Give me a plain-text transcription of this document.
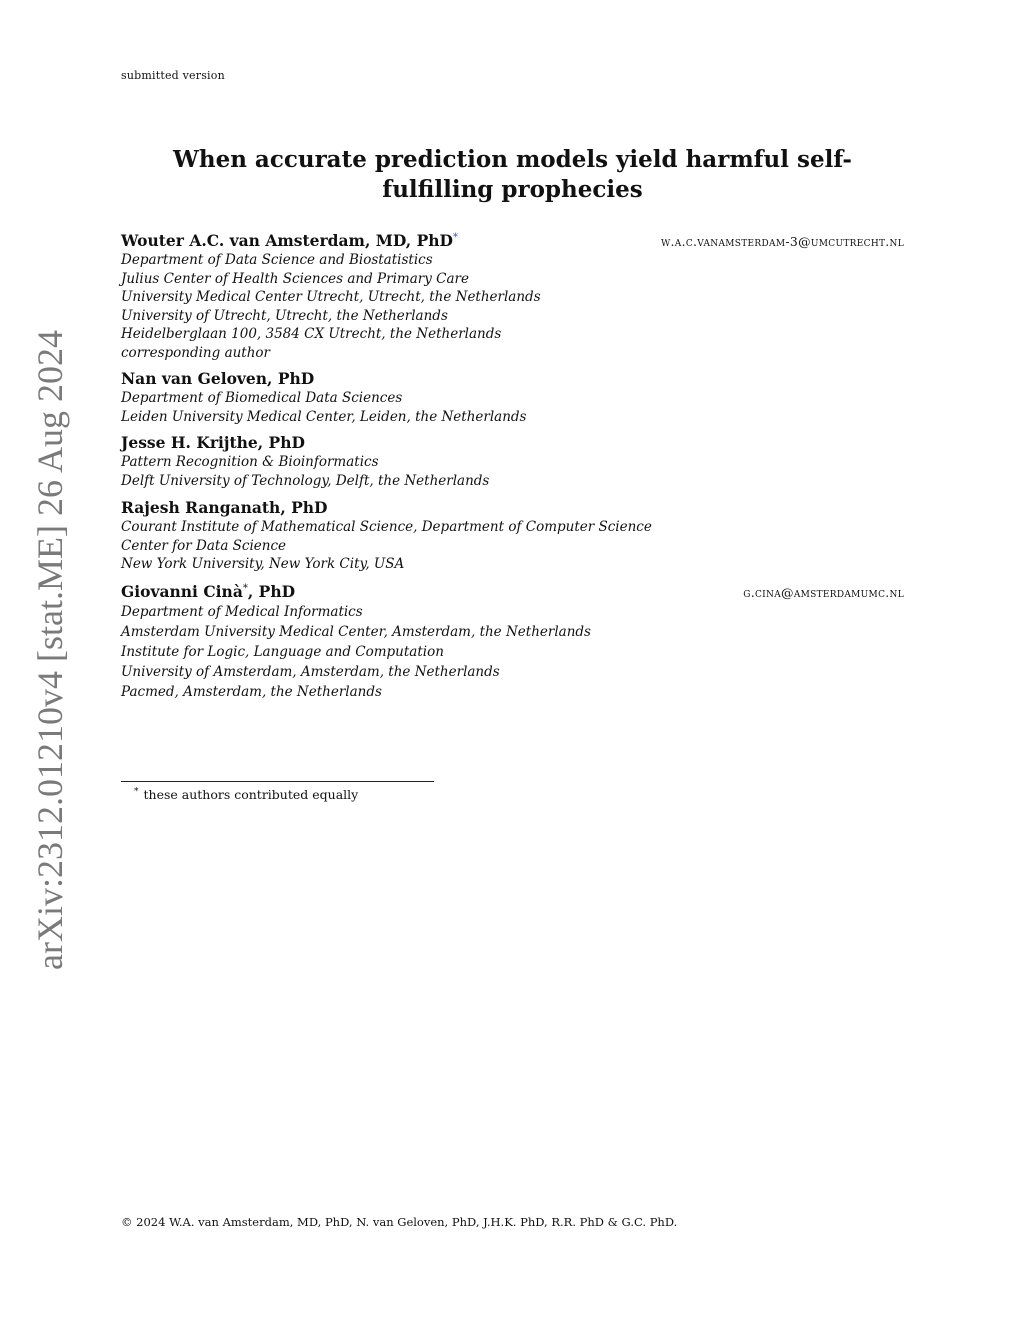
submitted version
arXiv:2312.01210v4 [stat.ME] 26 Aug 2024
When accurate prediction models yield harmful self-fulfilling prophecies
Wouter A.C. van Amsterdam, MD, PhD*	w.a.c.vanamsterdam-3@umcutrecht.nl
Department of Data Science and Biostatistics
Julius Center of Health Sciences and Primary Care
University Medical Center Utrecht, Utrecht, the Netherlands
University of Utrecht, Utrecht, the Netherlands
Heidelberglaan 100, 3584 CX Utrecht, the Netherlands
corresponding author
Nan van Geloven, PhD
Department of Biomedical Data Sciences
Leiden University Medical Center, Leiden, the Netherlands
Jesse H. Krijthe, PhD
Pattern Recognition & Bioinformatics
Delft University of Technology, Delft, the Netherlands
Rajesh Ranganath, PhD
Courant Institute of Mathematical Science, Department of Computer Science
Center for Data Science
New York University, New York City, USA
Giovanni Cinà*, PhD	g.cina@amsterdamumc.nl
Department of Medical Informatics
Amsterdam University Medical Center, Amsterdam, the Netherlands
Institute for Logic, Language and Computation
University of Amsterdam, Amsterdam, the Netherlands
Pacmed, Amsterdam, the Netherlands
* these authors contributed equally
© 2024 W.A. van Amsterdam, MD, PhD, N. van Geloven, PhD, J.H.K. PhD, R.R. PhD & G.C. PhD.
